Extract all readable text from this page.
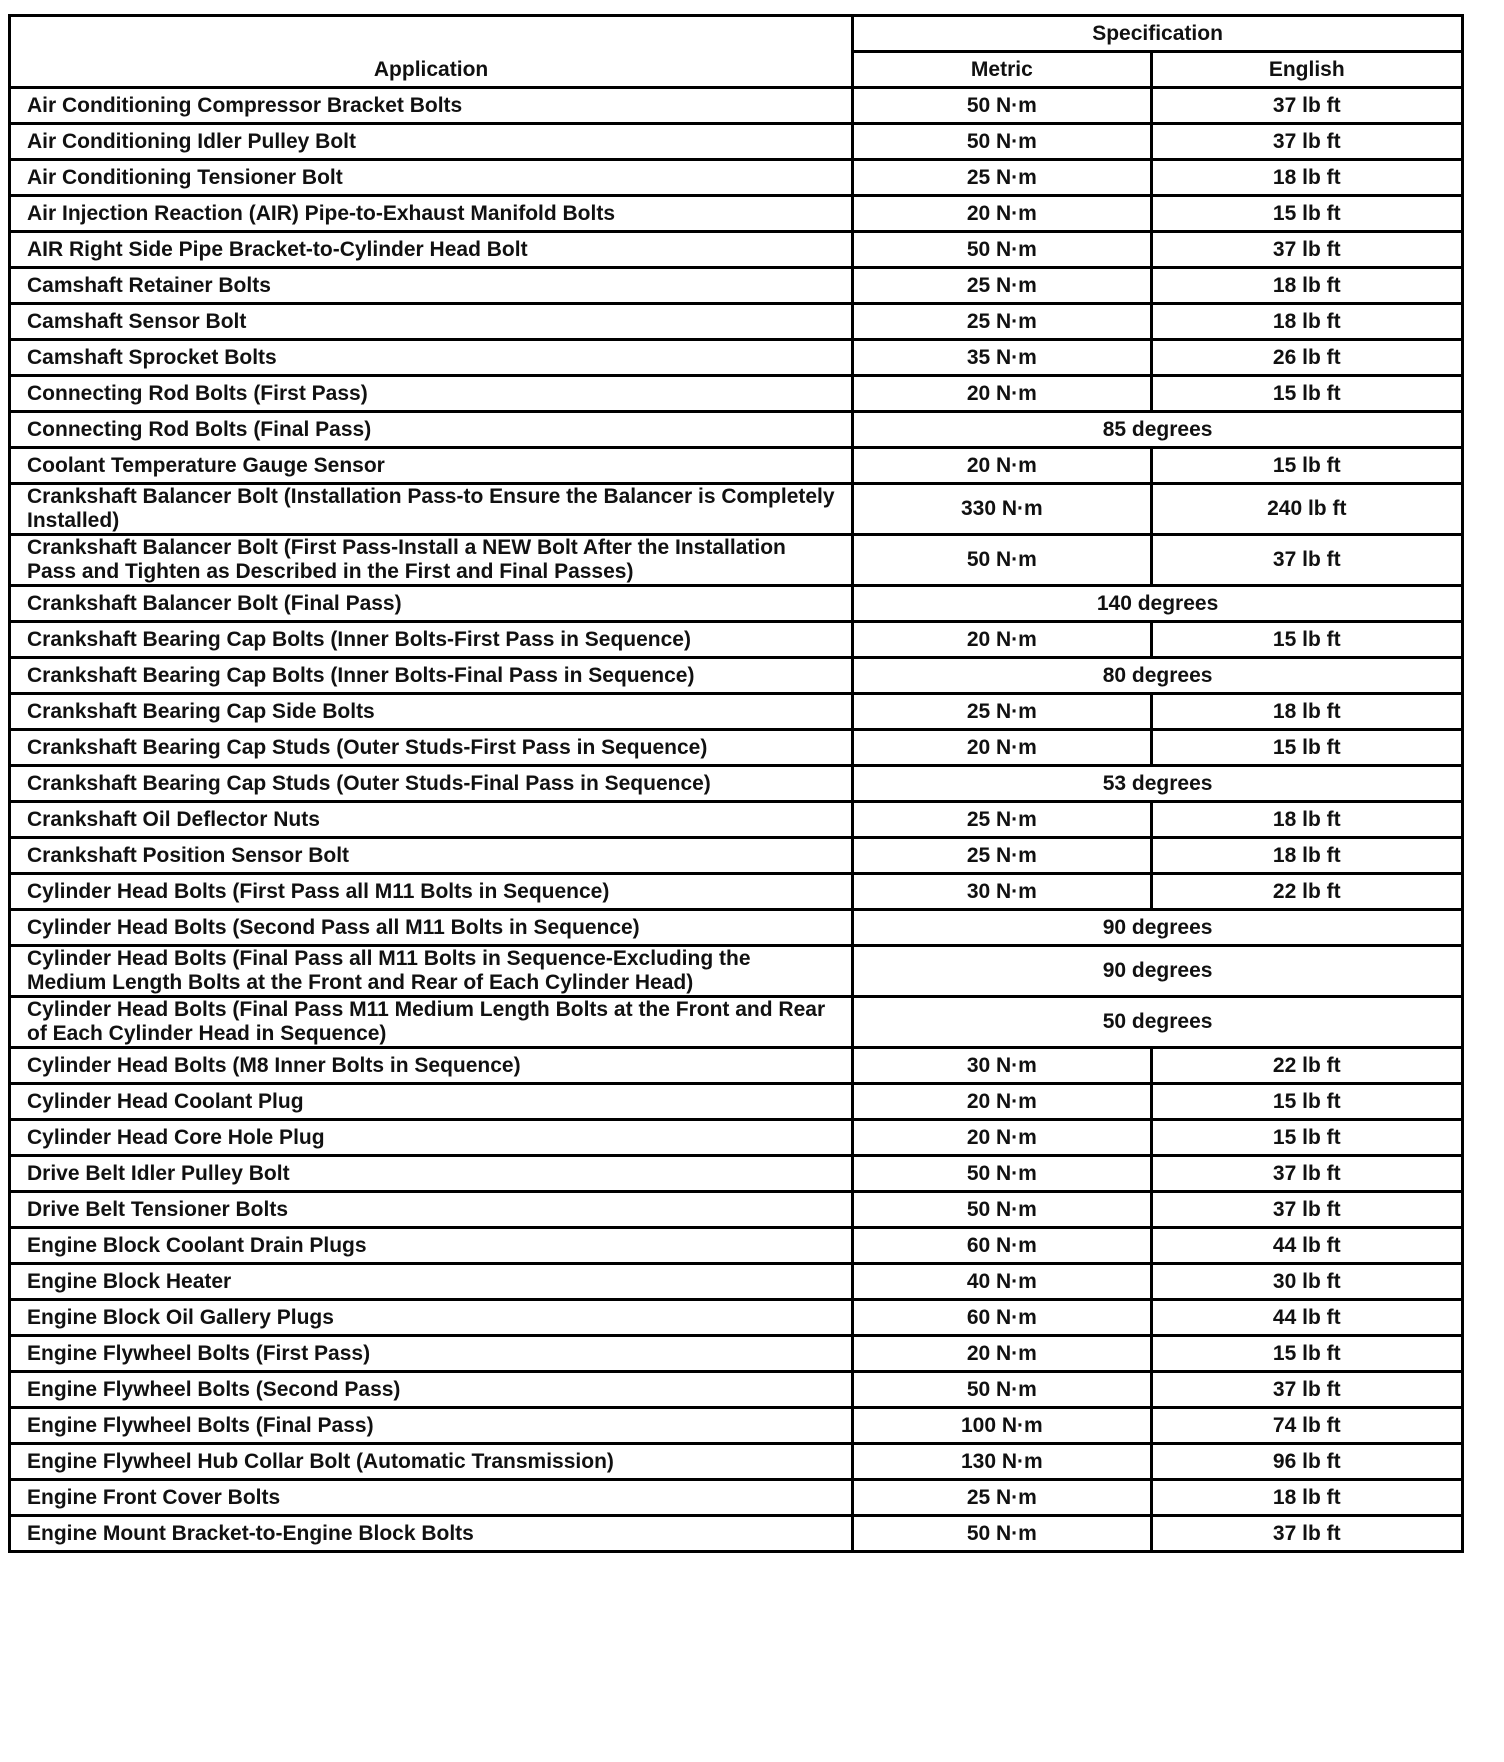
Application	Specification	
	Metric	English
Air Conditioning Compressor Bracket Bolts	50 N·m	37 lb ft
Air Conditioning Idler Pulley Bolt	50 N·m	37 lb ft
Air Conditioning Tensioner Bolt	25 N·m	18 lb ft
Air Injection Reaction (AIR) Pipe-to-Exhaust Manifold Bolts	20 N·m	15 lb ft
AIR Right Side Pipe Bracket-to-Cylinder Head Bolt	50 N·m	37 lb ft
Camshaft Retainer Bolts	25 N·m	18 lb ft
Camshaft Sensor Bolt	25 N·m	18 lb ft
Camshaft Sprocket Bolts	35 N·m	26 lb ft
Connecting Rod Bolts (First Pass)	20 N·m	15 lb ft
Connecting Rod Bolts (Final Pass)	85 degrees	
Coolant Temperature Gauge Sensor	20 N·m	15 lb ft
Crankshaft Balancer Bolt (Installation Pass-to Ensure the Balancer is Completely Installed)	330 N·m	240 lb ft
Crankshaft Balancer Bolt (First Pass-Install a NEW Bolt After the Installation Pass and Tighten as Described in the First and Final Passes)	50 N·m	37 lb ft
Crankshaft Balancer Bolt (Final Pass)	140 degrees	
Crankshaft Bearing Cap Bolts (Inner Bolts-First Pass in Sequence)	20 N·m	15 lb ft
Crankshaft Bearing Cap Bolts (Inner Bolts-Final Pass in Sequence)	80 degrees	
Crankshaft Bearing Cap Side Bolts	25 N·m	18 lb ft
Crankshaft Bearing Cap Studs (Outer Studs-First Pass in Sequence)	20 N·m	15 lb ft
Crankshaft Bearing Cap Studs (Outer Studs-Final Pass in Sequence)	53 degrees	
Crankshaft Oil Deflector Nuts	25 N·m	18 lb ft
Crankshaft Position Sensor Bolt	25 N·m	18 lb ft
Cylinder Head Bolts (First Pass all M11 Bolts in Sequence)	30 N·m	22 lb ft
Cylinder Head Bolts (Second Pass all M11 Bolts in Sequence)	90 degrees	
Cylinder Head Bolts (Final Pass all M11 Bolts in Sequence-Excluding the Medium Length Bolts at the Front and Rear of Each Cylinder Head)	90 degrees	
Cylinder Head Bolts (Final Pass M11 Medium Length Bolts at the Front and Rear of Each Cylinder Head in Sequence)	50 degrees	
Cylinder Head Bolts (M8 Inner Bolts in Sequence)	30 N·m	22 lb ft
Cylinder Head Coolant Plug	20 N·m	15 lb ft
Cylinder Head Core Hole Plug	20 N·m	15 lb ft
Drive Belt Idler Pulley Bolt	50 N·m	37 lb ft
Drive Belt Tensioner Bolts	50 N·m	37 lb ft
Engine Block Coolant Drain Plugs	60 N·m	44 lb ft
Engine Block Heater	40 N·m	30 lb ft
Engine Block Oil Gallery Plugs	60 N·m	44 lb ft
Engine Flywheel Bolts (First Pass)	20 N·m	15 lb ft
Engine Flywheel Bolts (Second Pass)	50 N·m	37 lb ft
Engine Flywheel Bolts (Final Pass)	100 N·m	74 lb ft
Engine Flywheel Hub Collar Bolt (Automatic Transmission)	130 N·m	96 lb ft
Engine Front Cover Bolts	25 N·m	18 lb ft
Engine Mount Bracket-to-Engine Block Bolts	50 N·m	37 lb ft
